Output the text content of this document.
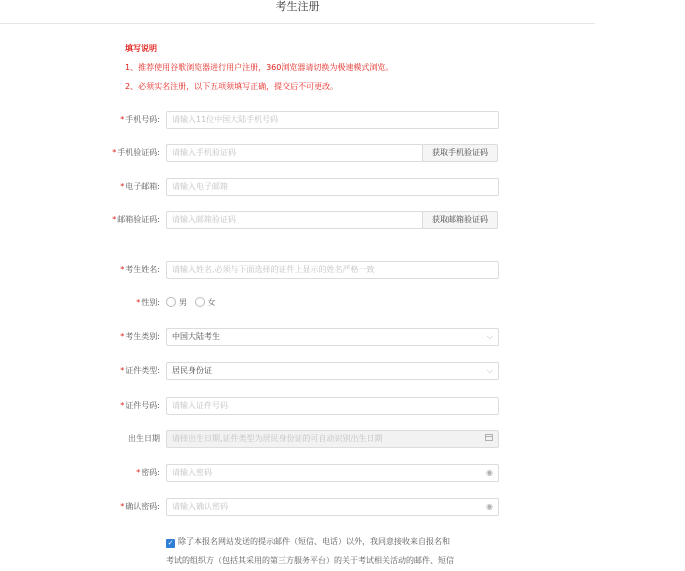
考生注册
填写说明
1、推荐使用谷歌浏览器进行用户注册，360浏览器请切换为极速模式浏览。
2、必须实名注册，以下五项须填写正确，提交后不可更改。
*手机号码:	请输入11位中国大陆手机号码
*手机验证码:	请输入手机验证码	获取手机验证码
*电子邮箱:	请输入电子邮箱
*邮箱验证码:	请输入邮箱验证码	获取邮箱验证码
*考生姓名:	请输入姓名,必须与下面选择的证件上显示的姓名严格一致
*性别:	男	女
*考生类别:	中国大陆考生	⌵
*证件类型:	居民身份证	⌵
*证件号码:	请输入证件号码
出生日期	请择出生日期,证件类型为居民身份证的可自动识别出生日期
*密码:	请输入密码	◉
*确认密码:	请输入确认密码	◉
✓ 除了本报名网站发送的提示邮件（短信、电话）以外，我同意接收来自报名和
考试的组织方（包括其采用的第三方服务平台）的关于考试相关活动的邮件、短信
